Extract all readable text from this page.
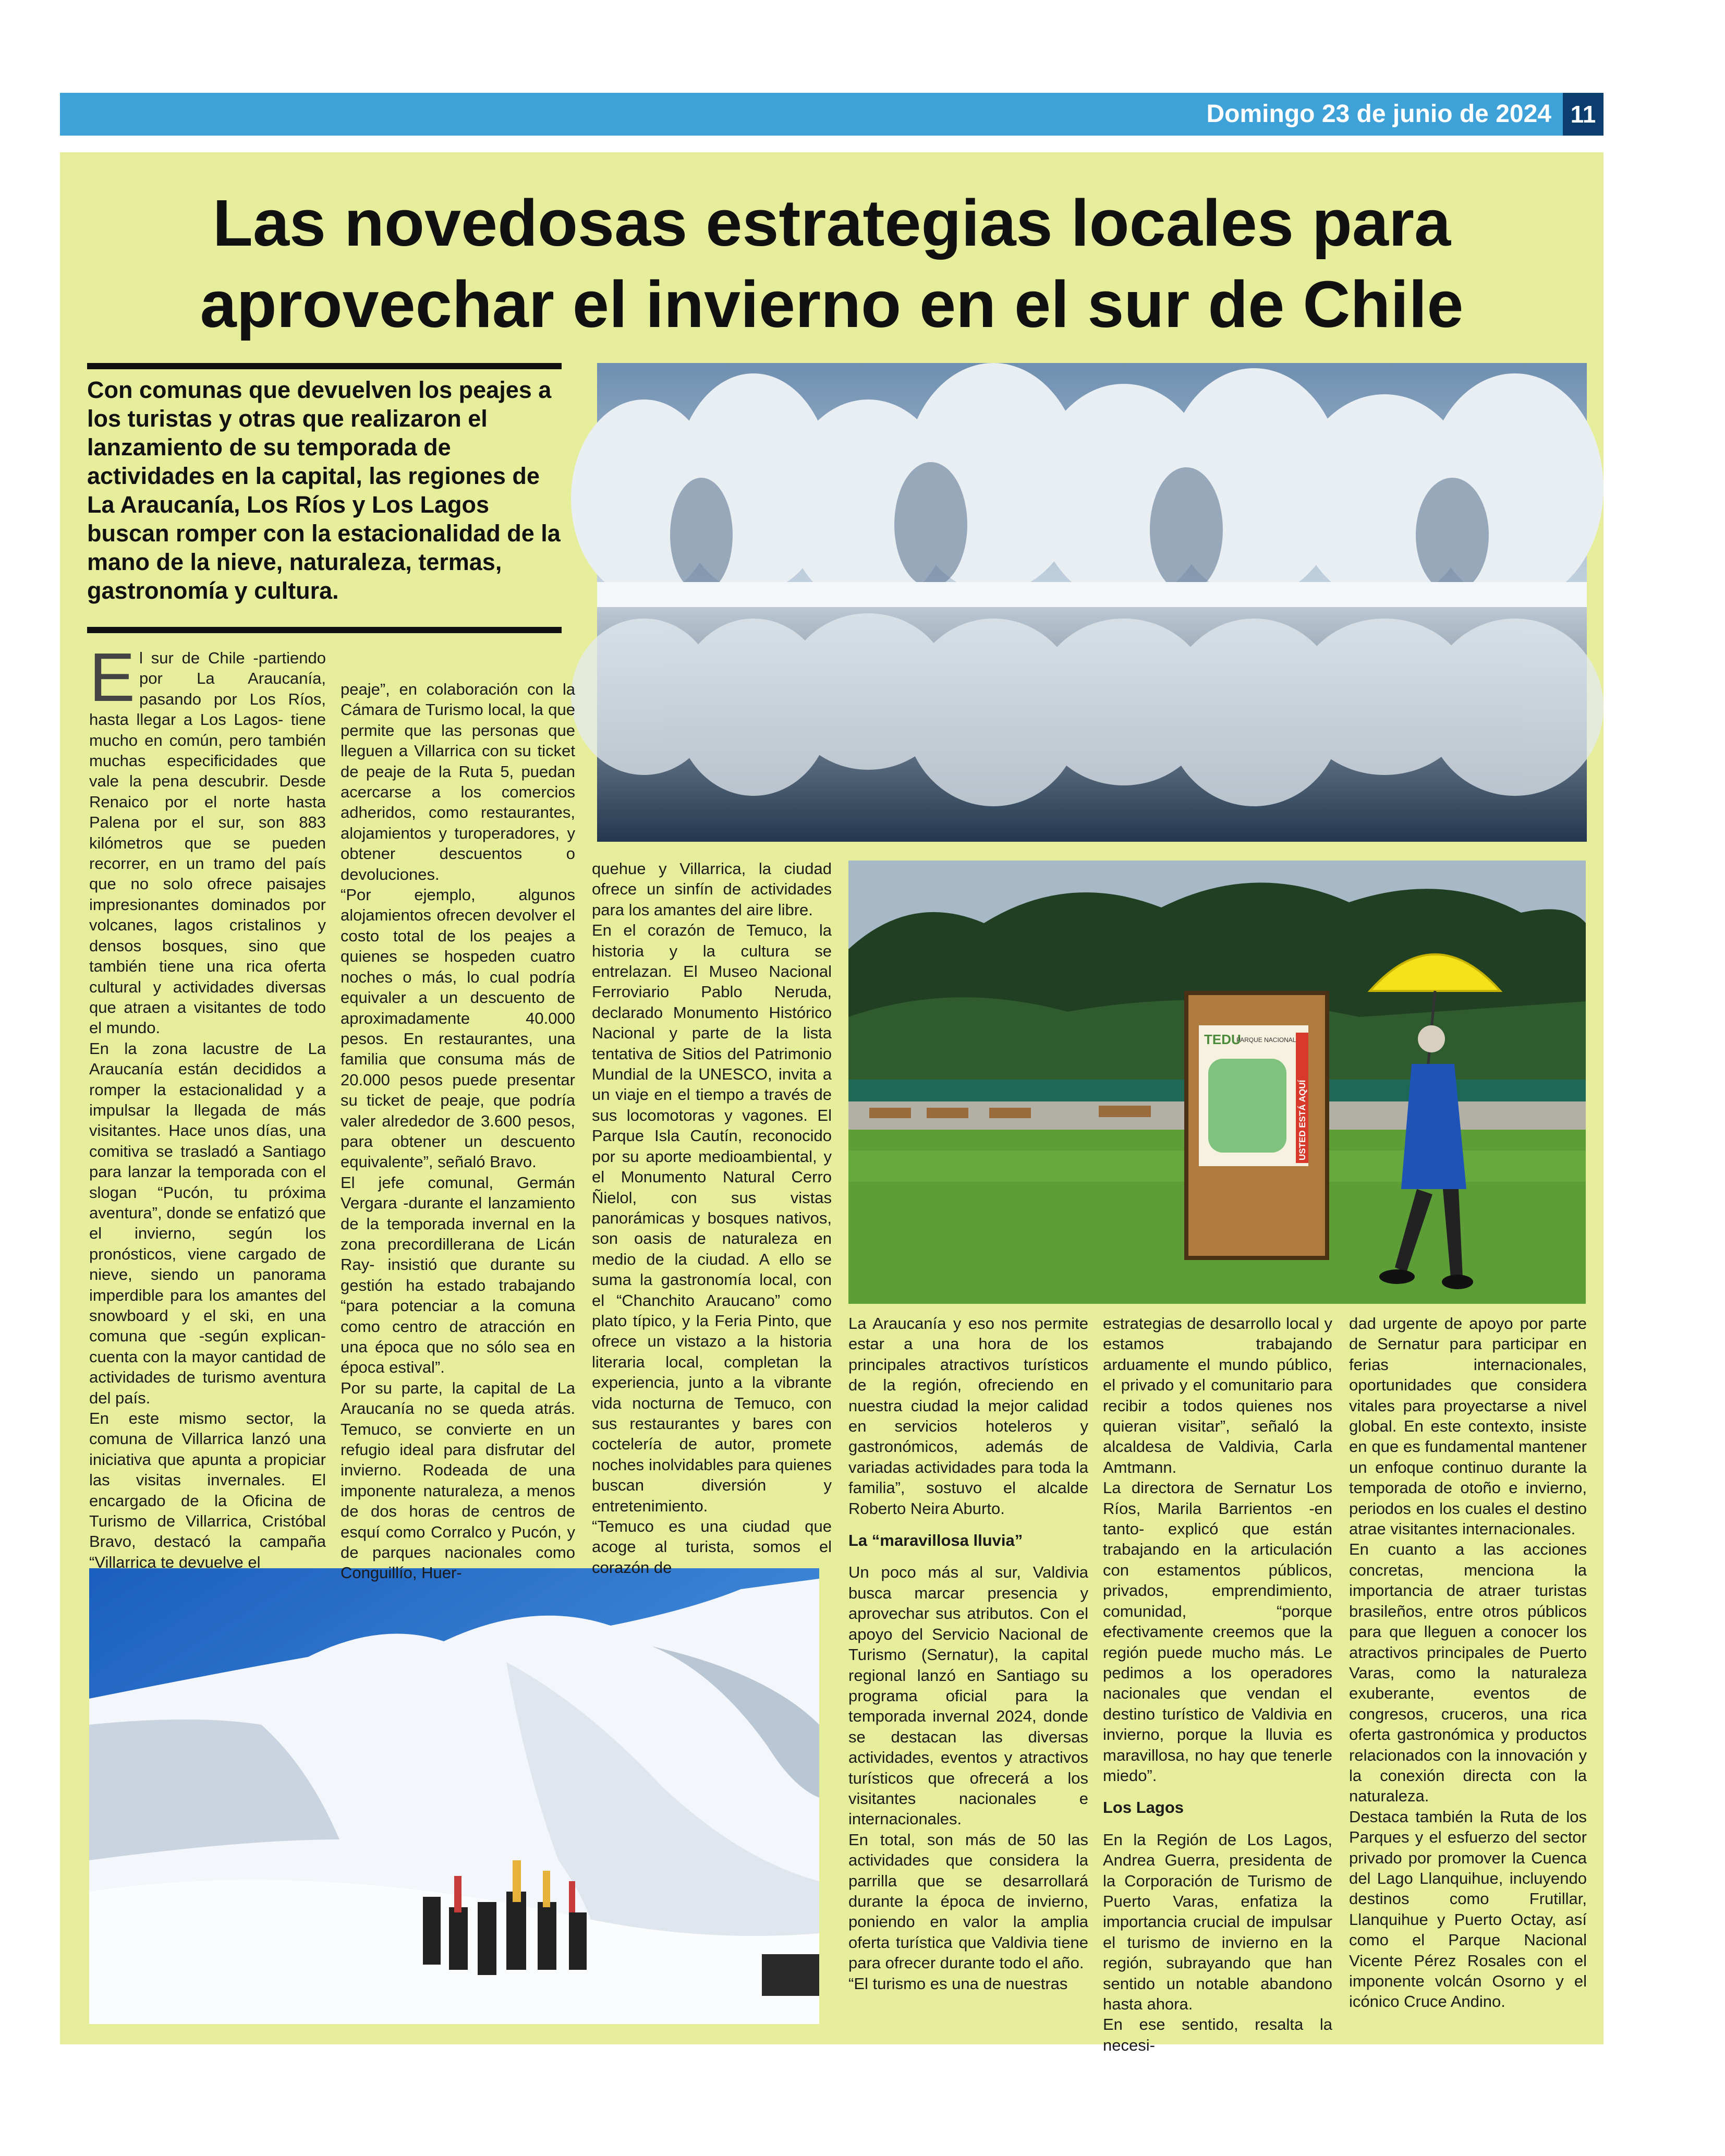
Domingo 23 de junio de 2024 11
Las novedosas estrategias locales para
aprovechar el invierno en el sur de Chile
Con comunas que devuelven los peajes a los turistas y otras que realizaron el lanzamiento de su temporada de actividades en la capital, las regiones de La Araucanía, Los Ríos y Los Lagos buscan romper con la estacionalidad de la mano de la nieve, naturaleza, termas, gastronomía y cultura.
TEDU
PARQUE NACIONAL
USTED ESTÁ AQUÍ

El sur de Chile -partiendo por La Araucanía, pasando por Los Ríos, hasta llegar a Los Lagos- tiene mucho en común, pero también muchas especificidades que vale la pena descubrir. Desde Renaico por el norte hasta Palena por el sur, son 883 kilómetros que se pueden recorrer, en un tramo del país que no solo ofrece paisajes impresionantes dominados por volcanes, lagos cristalinos y densos bosques, sino que también tiene una rica oferta cultural y actividades diversas que atraen a visitantes de todo el mundo.

En la zona lacustre de La Araucanía están decididos a romper la estacionalidad y a impulsar la llegada de más visitantes. Hace unos días, una comitiva se trasladó a Santiago para lanzar la temporada con el slogan “Pucón, tu próxima aventura”, donde se enfatizó que el invierno, según los pronósticos, viene cargado de nieve, siendo un panorama imperdible para los amantes del snowboard y el ski, en una comuna que -según explican- cuenta con la mayor cantidad de actividades de turismo aventura del país.

En este mismo sector, la comuna de Villarrica lanzó una iniciativa que apunta a propiciar las visitas invernales. El encargado de la Oficina de Turismo de Villarrica, Cristóbal Bravo, destacó la campaña “Villarrica te devuelve el

peaje”, en colaboración con la Cámara de Turismo local, la que permite que las personas que lleguen a Villarrica con su ticket de peaje de la Ruta 5, puedan acercarse a los comercios adheridos, como restaurantes, alojamientos y turoperadores, y obtener descuentos o devoluciones.

“Por ejemplo, algunos alojamientos ofrecen devolver el costo total de los peajes a quienes se hospeden cuatro noches o más, lo cual podría equivaler a un descuento de aproximadamente 40.000 pesos. En restaurantes, una familia que consuma más de 20.000 pesos puede presentar su ticket de peaje, que podría valer alrededor de 3.600 pesos, para obtener un descuento equivalente”, señaló Bravo.

El jefe comunal, Germán Vergara -durante el lanzamiento de la temporada invernal en la zona precordillerana de Licán Ray- insistió que durante su gestión ha estado trabajando “para potenciar a la comuna como centro de atracción en una época que no sólo sea en época estival”.

Por su parte, la capital de La Araucanía no se queda atrás. Temuco, se convierte en un refugio ideal para disfrutar del invierno. Rodeada de una imponente naturaleza, a menos de dos horas de centros de esquí como Corralco y Pucón, y de parques nacionales como Conguillío, Huer-

quehue y Villarrica, la ciudad ofrece un sinfín de actividades para los amantes del aire libre.

En el corazón de Temuco, la historia y la cultura se entrelazan. El Museo Nacional Ferroviario Pablo Neruda, declarado Monumento Histórico Nacional y parte de la lista tentativa de Sitios del Patrimonio Mundial de la UNESCO, invita a un viaje en el tiempo a través de sus locomotoras y vagones. El Parque Isla Cautín, reconocido por su aporte medioambiental, y el Monumento Natural Cerro Ñielol, con sus vistas panorámicas y bosques nativos, son oasis de naturaleza en medio de la ciudad. A ello se suma la gastronomía local, con el “Chanchito Araucano” como plato típico, y la Feria Pinto, que ofrece un vistazo a la historia literaria local, completan la experiencia, junto a la vibrante vida nocturna de Temuco, con sus restaurantes y bares con coctelería de autor, promete noches inolvidables para quienes buscan diversión y entretenimiento.

“Temuco es una ciudad que acoge al turista, somos el corazón de

La Araucanía y eso nos permite estar a una hora de los principales atractivos turísticos de la región, ofreciendo en nuestra ciudad la mejor calidad en servicios hoteleros y gastronómicos, además de variadas actividades para toda la familia”, sostuvo el alcalde Roberto Neira Aburto.

La “maravillosa lluvia”

Un poco más al sur, Valdivia busca marcar presencia y aprovechar sus atributos. Con el apoyo del Servicio Nacional de Turismo (Sernatur), la capital regional lanzó en Santiago su programa oficial para la temporada invernal 2024, donde se destacan las diversas actividades, eventos y atractivos turísticos que ofrecerá a los visitantes nacionales e internacionales.

En total, son más de 50 las actividades que considera la parrilla que se desarrollará durante la época de invierno, poniendo en valor la amplia oferta turística que Valdivia tiene para ofrecer durante todo el año.

“El turismo es una de nuestras

estrategias de desarrollo local y estamos trabajando arduamente el mundo público, el privado y el comunitario para recibir a todos quienes nos quieran visitar”, señaló la alcaldesa de Valdivia, Carla Amtmann.

La directora de Sernatur Los Ríos, Marila Barrientos -en tanto- explicó que están trabajando en la articulación con estamentos públicos, privados, emprendimiento, comunidad, “porque efectivamente creemos que la región puede mucho más. Le pedimos a los operadores nacionales que vendan el destino turístico de Valdivia en invierno, porque la lluvia es maravillosa, no hay que tenerle miedo”.

Los Lagos

En la Región de Los Lagos, Andrea Guerra, presidenta de la Corporación de Turismo de Puerto Varas, enfatiza la importancia crucial de impulsar el turismo de invierno en la región, subrayando que han sentido un notable abandono hasta ahora.

En ese sentido, resalta la necesi-

dad urgente de apoyo por parte de Sernatur para participar en ferias internacionales, oportunidades que considera vitales para proyectarse a nivel global. En este contexto, insiste en que es fundamental mantener un enfoque continuo durante la temporada de otoño e invierno, periodos en los cuales el destino atrae visitantes internacionales.

En cuanto a las acciones concretas, menciona la importancia de atraer turistas brasileños, entre otros públicos para que lleguen a conocer los atractivos principales de Puerto Varas, como la naturaleza exuberante, eventos de congresos, cruceros, una rica oferta gastronómica y productos relacionados con la innovación y la conexión directa con la naturaleza.

Destaca también la Ruta de los Parques y el esfuerzo del sector privado por promover la Cuenca del Lago Llanquihue, incluyendo destinos como Frutillar, Llanquihue y Puerto Octay, así como el Parque Nacional Vicente Pérez Rosales con el imponente volcán Osorno y el icónico Cruce Andino.
